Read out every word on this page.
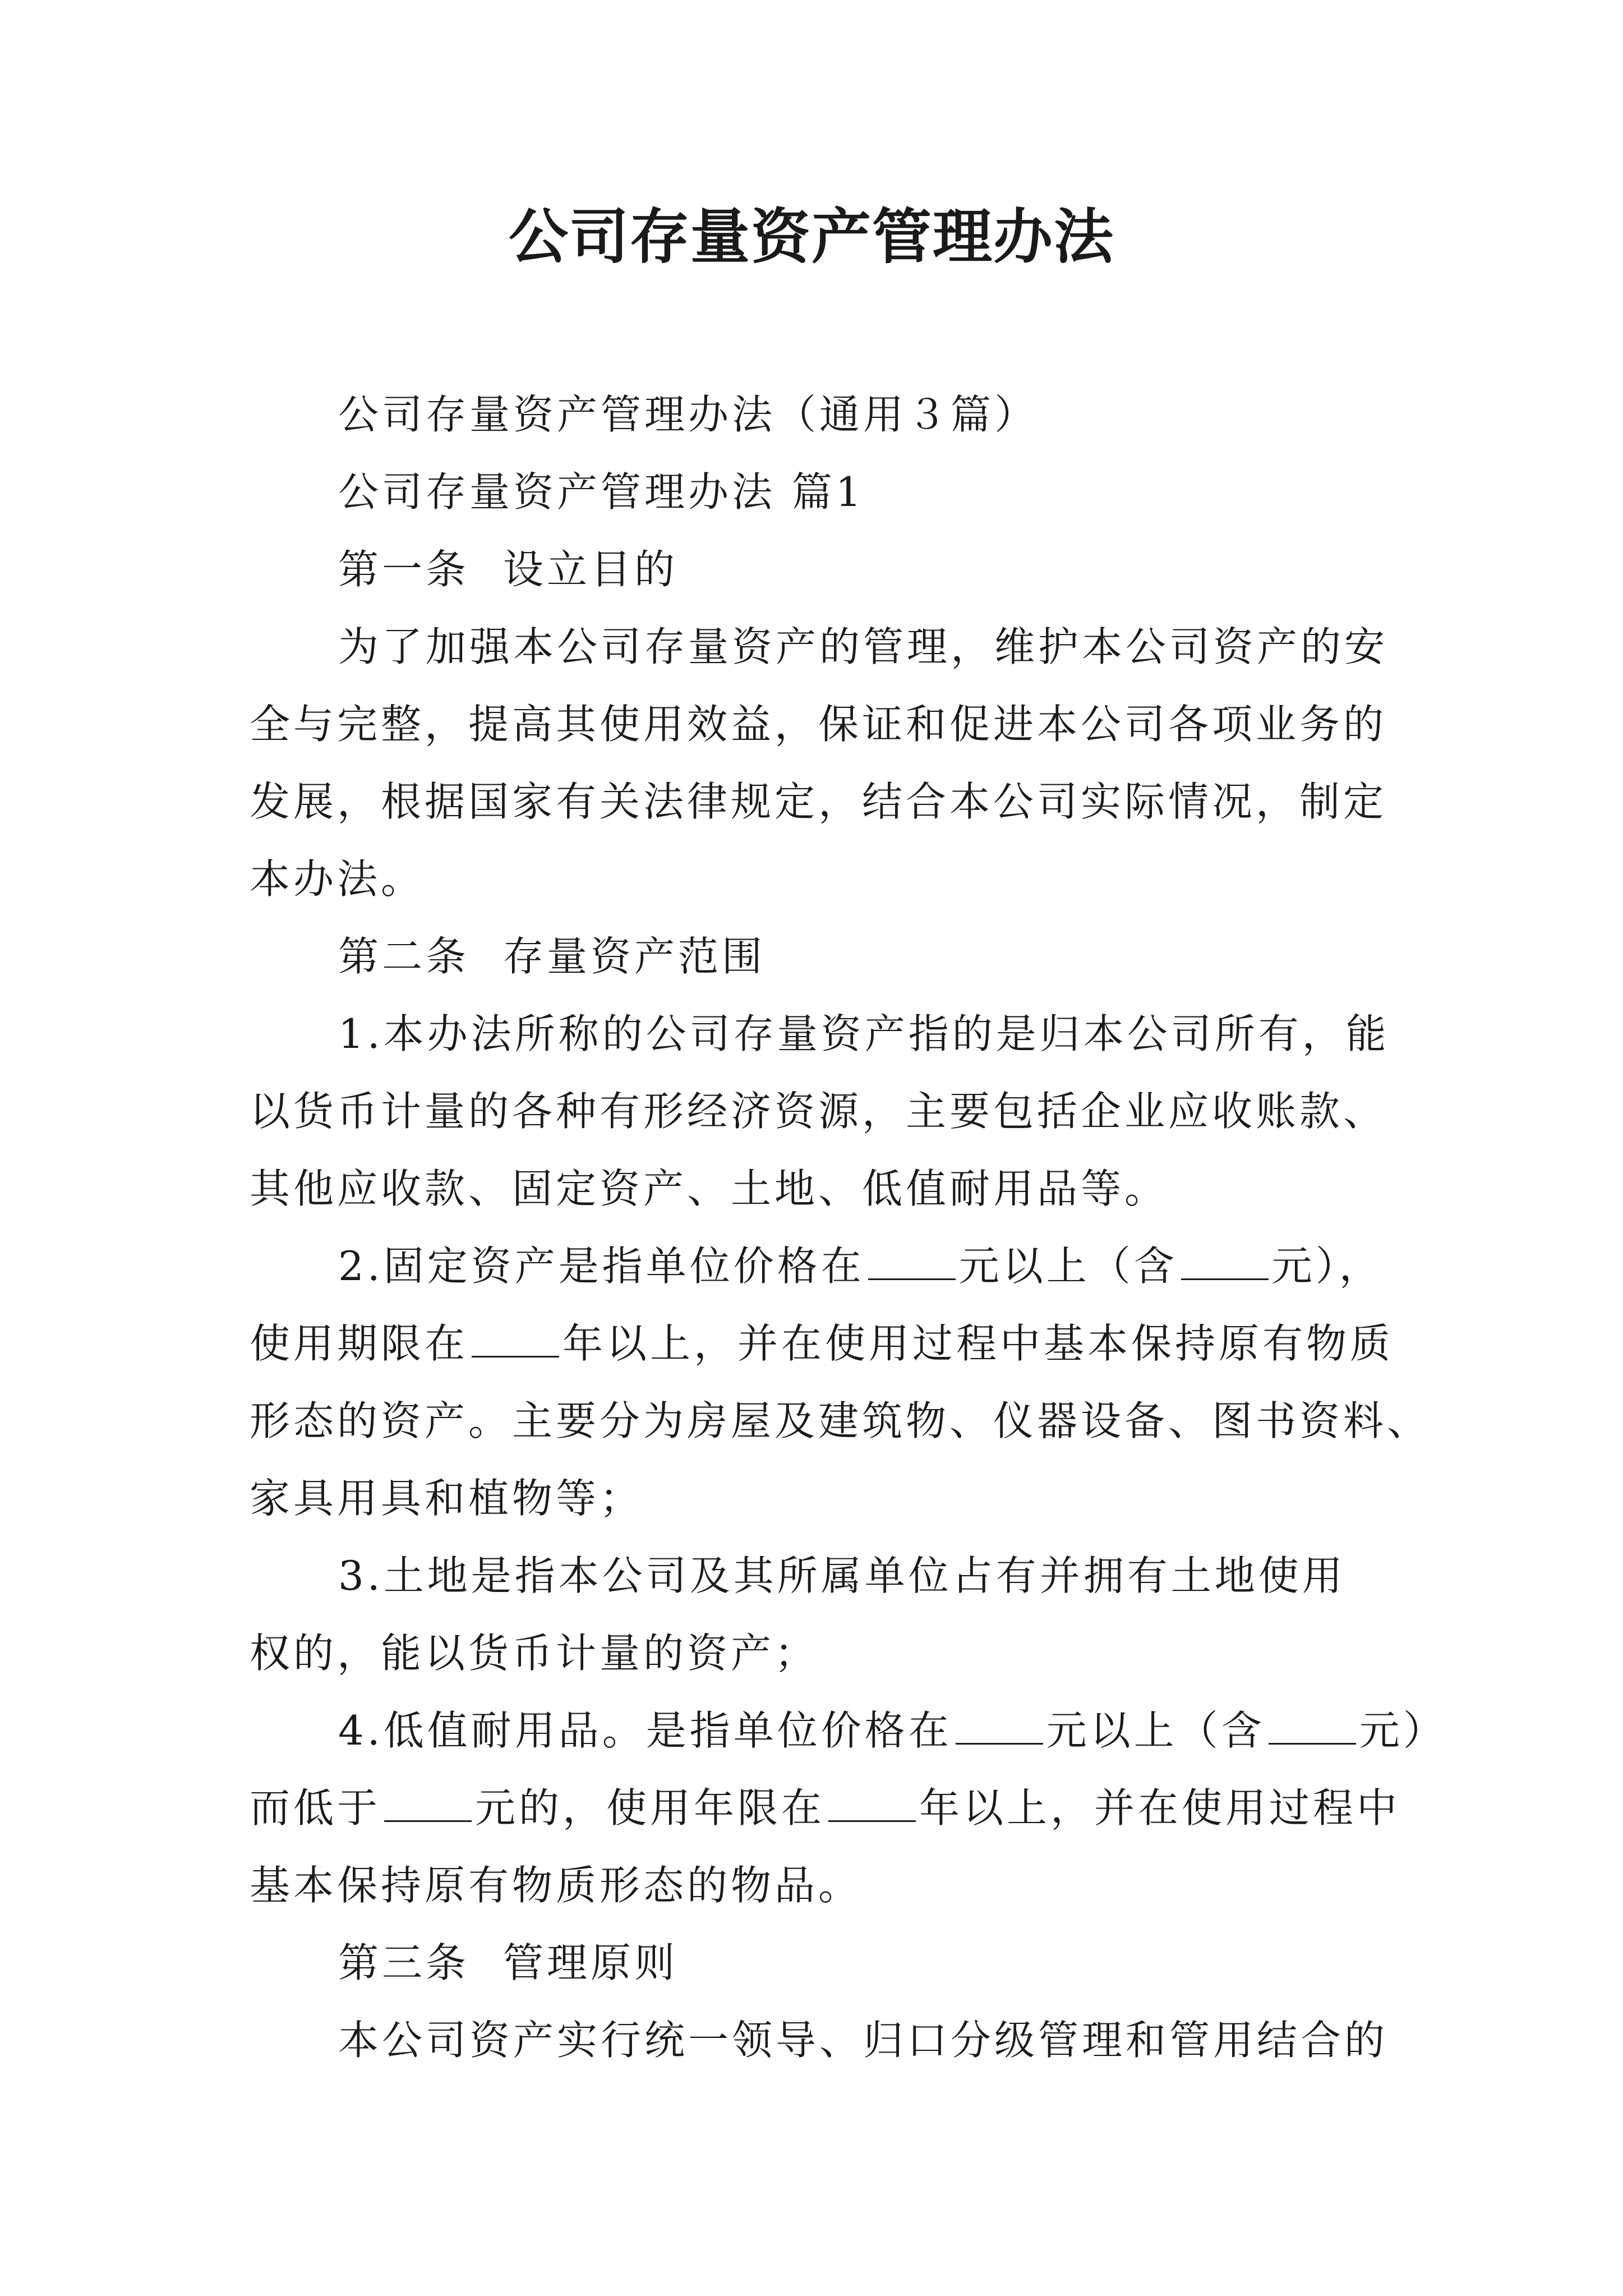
公司存量资产管理办法

公司存量资产管理办法（通用３篇）

公司存量资产管理办法 篇1

第一条 设立目的

为了加强本公司存量资产的管理，维护本公司资产的安

全与完整，提高其使用效益，保证和促进本公司各项业务的

发展，根据国家有关法律规定，结合本公司实际情况，制定

本办法。

第二条 存量资产范围

1.本办法所称的公司存量资产指的是归本公司所有，能

以货币计量的各种有形经济资源，主要包括企业应收账款、

其他应收款、固定资产、土地、低值耐用品等。

2.固定资产是指单位价格在 元以上（含 元），

使用期限在 年以上，并在使用过程中基本保持原有物质

形态的资产。主要分为房屋及建筑物、仪器设备、图书资料、

家具用具和植物等；

3.土地是指本公司及其所属单位占有并拥有土地使用

权的，能以货币计量的资产；

4.低值耐用品。是指单位价格在 元以上（含 元）

而低于 元的，使用年限在 年以上，并在使用过程中

基本保持原有物质形态的物品。

第三条 管理原则

本公司资产实行统一领导、归口分级管理和管用结合的
